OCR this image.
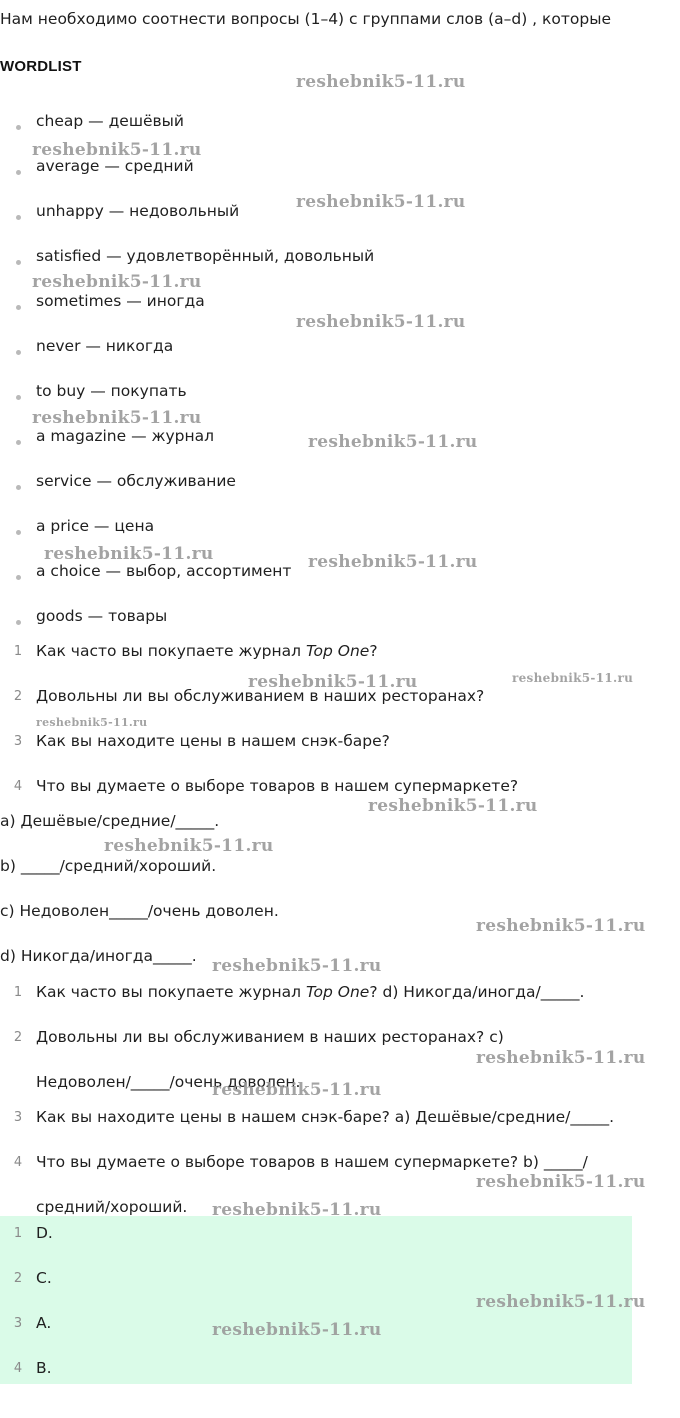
Нам необходимо соотнести вопросы (1–4) с группами слов (a–d) , которые
WORDLIST
cheap — дешёвый
average — средний
unhappy — недовольный
satisfied — удовлетворённый, довольный
sometimes — иногда
never — никогда
to buy — покупать
a magazine — журнал
service — обслуживание
a price — цена
a choice — выбор, ассортимент
goods — товары
1 Как часто вы покупаете журнал Top One?
2 Довольны ли вы обслуживанием в наших ресторанах?
3 Как вы находите цены в нашем снэк-баре?
4 Что вы думаете о выборе товаров в нашем супермаркете?
a) Дешёвые/средние/_____.
b) _____/средний/хороший.
c) Недоволен_____/очень доволен.
d) Никогда/иногда_____.
1 Как часто вы покупаете журнал Top One? d) Никогда/иногда/_____.
2 Довольны ли вы обслуживанием в наших ресторанах? c) Недоволен/_____/очень доволен.
3 Как вы находите цены в нашем снэк-баре? a) Дешёвые/средние/_____.
4 Что вы думаете о выборе товаров в нашем супермаркете? b) _____/средний/хороший.
1 D.
2 C.
3 A.
4 B.
reshebnik5-11.ru
reshebnik5-11.ru
reshebnik5-11.ru
reshebnik5-11.ru
reshebnik5-11.ru
reshebnik5-11.ru
reshebnik5-11.ru
reshebnik5-11.ru	reshebnik5-11.ru
reshebnik5-11.ru	reshebnik5-11.ru
reshebnik5-11.ru
reshebnik5-11.ru
reshebnik5-11.ru
reshebnik5-11.ru
reshebnik5-11.ru
reshebnik5-11.ru
reshebnik5-11.ru
reshebnik5-11.ru
reshebnik5-11.ru
reshebnik5-11.ru
reshebnik5-11.ru
